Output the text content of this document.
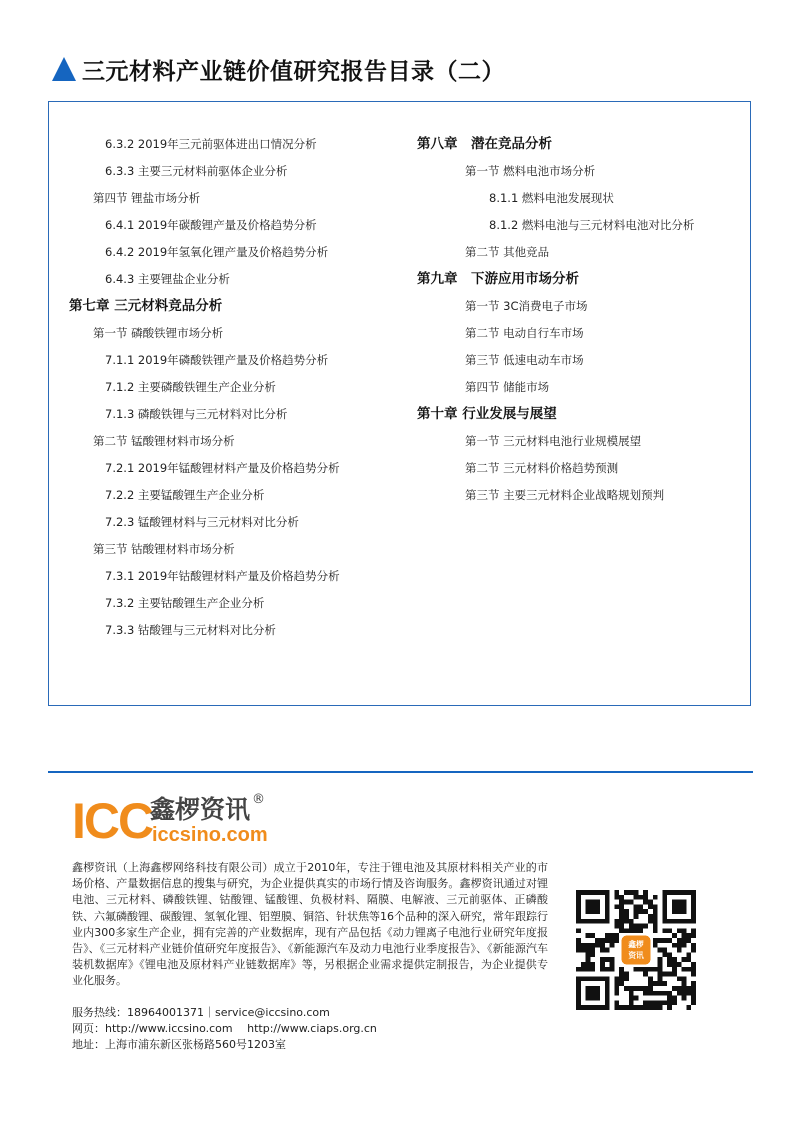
三元材料产业链价值研究报告目录（二）
6.3.2 2019年三元前驱体进出口情况分析
6.3.3 主要三元材料前驱体企业分析
第四节 锂盐市场分析
6.4.1 2019年碳酸锂产量及价格趋势分析
6.4.2 2019年氢氧化锂产量及价格趋势分析
6.4.3 主要锂盐企业分析
第七章 三元材料竞品分析
第一节 磷酸铁锂市场分析
7.1.1 2019年磷酸铁锂产量及价格趋势分析
7.1.2 主要磷酸铁锂生产企业分析
7.1.3 磷酸铁锂与三元材料对比分析
第二节 锰酸锂材料市场分析
7.2.1 2019年锰酸锂材料产量及价格趋势分析
7.2.2 主要锰酸锂生产企业分析
7.2.3 锰酸锂材料与三元材料对比分析
第三节 钴酸锂材料市场分析
7.3.1 2019年钴酸锂材料产量及价格趋势分析
7.3.2 主要钴酸锂生产企业分析
7.3.3 钴酸锂与三元材料对比分析
第八章　潜在竞品分析
第一节 燃料电池市场分析
8.1.1 燃料电池发展现状
8.1.2 燃料电池与三元材料电池对比分析
第二节 其他竞品
第九章　下游应用市场分析
第一节 3C消费电子市场
第二节 电动自行车市场
第三节 低速电动车市场
第四节 储能市场
第十章 行业发展与展望
第一节 三元材料电池行业规模展望
第二节 三元材料价格趋势预测
第三节 主要三元材料企业战略规划预判
ICC
鑫椤资讯 ®
iccsino.com
鑫椤资讯（上海鑫椤网络科技有限公司）成立于2010年，专注于锂电池及其原材料相关产业的市场价格、产量数据信息的搜集与研究，为企业提供真实的市场行情及咨询服务。鑫椤资讯通过对锂电池、三元材料、磷酸铁锂、钴酸锂、锰酸锂、负极材料、隔膜、电解液、三元前驱体、正磷酸铁、六氟磷酸锂、碳酸锂、氢氧化锂、铝塑膜、铜箔、针状焦等16个品种的深入研究，常年跟踪行业内300多家生产企业，拥有完善的产业数据库，现有产品包括《动力锂离子电池行业研究年度报告》、《三元材料产业链价值研究年度报告》、《新能源汽车及动力电池行业季度报告》、《新能源汽车装机数据库》《锂电池及原材料产业链数据库》等，另根据企业需求提供定制报告，为企业提供专业化服务。
服务热线：18964001371｜service@iccsino.com
网页：http://www.iccsino.com　 http://www.ciaps.org.cn
地址：上海市浦东新区张杨路560号1203室
鑫椤
资讯
